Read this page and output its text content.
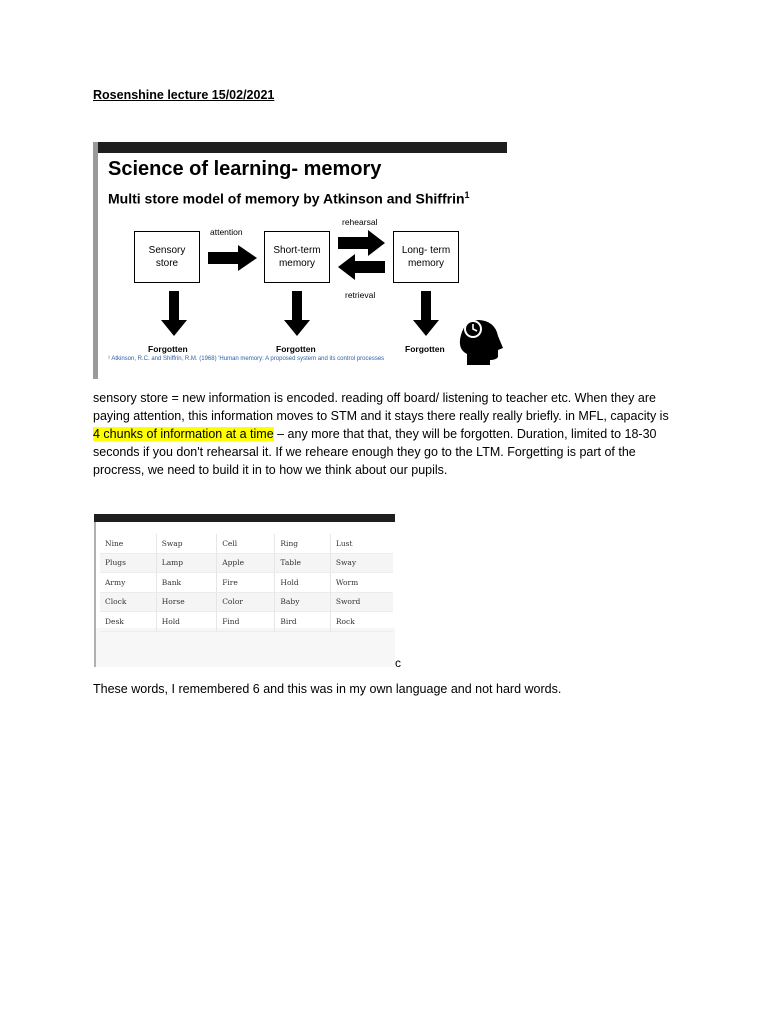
Rosenshine lecture 15/02/2021
Science of learning- memory
Multi store model of memory by Atkinson and Shiffrin$^1$
Sensory store
Short-term memory
Long- term memory
attention
rehearsal
retrieval
Forgotten	Forgotten	Forgotten
¹ Atkinson, R.C. and Shiffrin, R.M. (1968) 'Human memory: A proposed system and its control processes
sensory store = new information is encoded. reading off board/ listening to teacher etc. When they are paying attention, this information moves to STM and it stays there really really briefly. in MFL, capacity is 4 chunks of information at a time – any more that that, they will be forgotten. Duration, limited to 18-30 seconds if you don't rehearsal it. If we reheare enough they go to the LTM. Forgetting is part of the procress, we need to build it in to how we think about our pupils.
Nine	Swap	Cell	Ring	Lust
Plugs	Lamp	Apple	Table	Sway
Army	Bank	Fire	Hold	Worm
Clock	Horse	Color	Baby	Sword
Desk	Hold	Find	Bird	Rock
c
These words, I remembered 6 and this was in my own language and not hard words.
